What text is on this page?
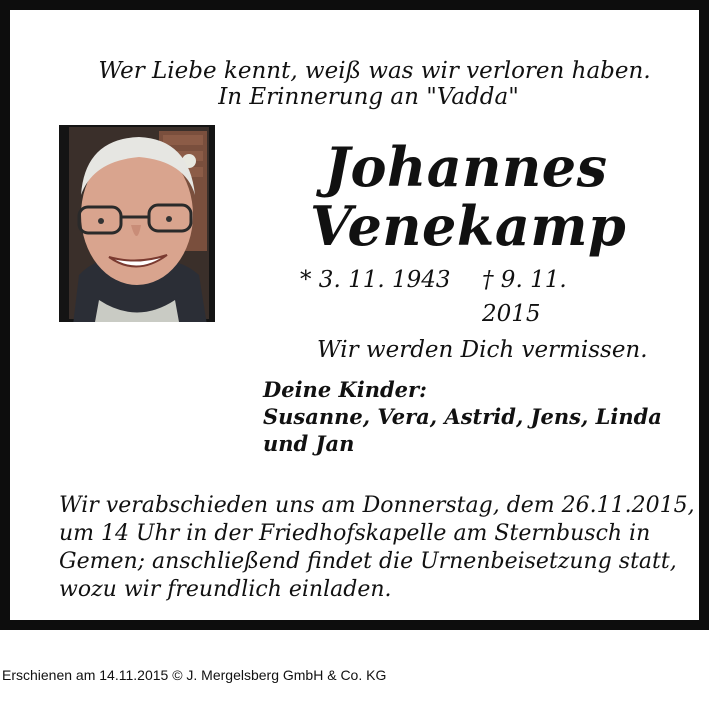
Wer Liebe kennt, weiß was wir verloren haben.

In Erinnerung an "Vadda"

Johannes
Venekamp
* 3. 11. 1943 † 9. 11. 2015

Wir werden Dich vermissen.

Deine Kinder:
Susanne, Vera, Astrid, Jens, Linda
und Jan
Wir verabschieden uns am Donnerstag, dem 26.11.2015,
um 14 Uhr in der Friedhofskapelle am Sternbusch in
Gemen; anschließend findet die Urnenbeisetzung statt,
wozu wir freundlich einladen.
Erschienen am 14.11.2015 © J. Mergelsberg GmbH & Co. KG
